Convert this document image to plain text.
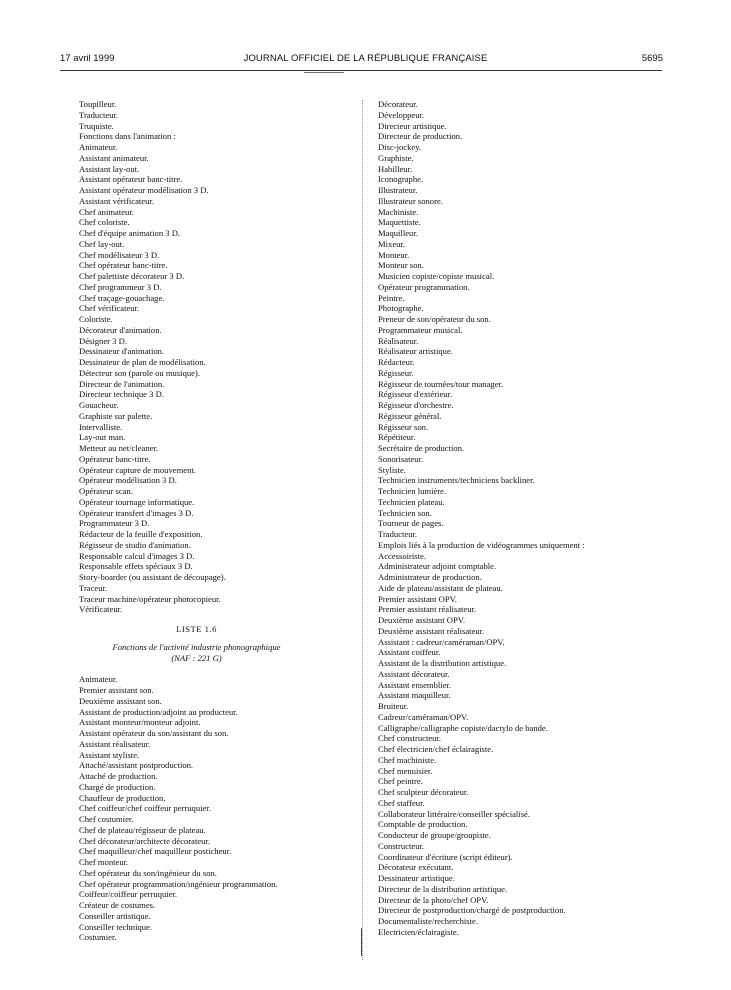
17 avril 1999	JOURNAL OFFICIEL DE LA RÉPUBLIQUE FRANÇAISE	5695
Toupilleur.
Traducteur.
Truquiste.
Fonctions dans l'animation :
Animateur.
Assistant animateur.
Assistant lay-out.
Assistant opérateur banc-titre.
Assistant opérateur modélisation 3 D.
Assistant vérificateur.
Chef animateur.
Chef coloriste.
Chef d'équipe animation 3 D.
Chef lay-out.
Chef modélisateur 3 D.
Chef opérateur banc-titre.
Chef palettiste décorateur 3 D.
Chef programmeur 3 D.
Chef traçage-gouachage.
Chef vérificateur.
Coloriste.
Décorateur d'animation.
Désigner 3 D.
Dessinateur d'animation.
Dessinateur de plan de modélisation.
Détecteur son (parole ou musique).
Directeur de l'animation.
Directeur technique 3 D.
Gouacheur.
Graphiste sur palette.
Intervalliste.
Lay-out man.
Metteur au net/cleaner.
Opérateur banc-titre.
Opérateur capture de mouvement.
Opérateur modélisation 3 D.
Opérateur scan.
Opérateur tournage informatique.
Opérateur transfert d'images 3 D.
Programmateur 3 D.
Rédacteur de la feuille d'exposition.
Régisseur de studio d'animation.
Responsable calcul d'images 3 D.
Responsable effets spéciaux 3 D.
Story-boarder (ou assistant de découpage).
Traceur.
Traceur machine/opérateur photocopieur.
Vérificateur.
LISTE 1.6
Fonctions de l'activité industrie phonographique
(NAF : 221 G)
Animateur.
Premier assistant son.
Deuxième assistant son.
Assistant de production/adjoint au producteur.
Assistant monteur/monteur adjoint.
Assistant opérateur du son/assistant du son.
Assistant réalisateur.
Assistant styliste.
Attaché/assistant postproduction.
Attaché de production.
Chargé de production.
Chauffeur de production.
Chef coiffeur/chef coiffeur perruquier.
Chef costumier.
Chef de plateau/régisseur de plateau.
Chef décorateur/architecte décorateur.
Chef maquilleur/chef maquilleur posticheur.
Chef monteur.
Chef opérateur du son/ingénieur du son.
Chef opérateur programmation/ingénieur programmation.
Coiffeur/coiffeur perruquier.
Créateur de costumes.
Conseiller artistique.
Conseiller technique.
Costumier.
Décorateur.
Développeur.
Directeur artistique.
Directeur de production.
Disc-jockey.
Graphiste.
Habilleur.
Iconographe.
Illustrateur.
Illustrateur sonore.
Machiniste.
Maquettiste.
Maquilleur.
Mixeur.
Monteur.
Monteur son.
Musicien copiste/copiste musical.
Opérateur programmation.
Peintre.
Photographe.
Preneur de son/opérateur du son.
Programmateur musical.
Réalisateur.
Réalisateur artistique.
Rédacteur.
Régisseur.
Régisseur de tournées/tour manager.
Régisseur d'extérieur.
Régisseur d'orchestre.
Régisseur général.
Régisseur son.
Répétiteur.
Secrétaire de production.
Sonorisateur.
Styliste.
Technicien instruments/techniciens backliner.
Technicien lumière.
Technicien plateau.
Technicien son.
Tourneur de pages.
Traducteur.
Emplois liés à la production de vidéogrammes uniquement :
Accessoiriste.
Administrateur adjoint comptable.
Administrateur de production.
Aide de plateau/assistant de plateau.
Premier assistant OPV.
Premier assistant réalisateur.
Deuxième assistant OPV.
Deuxième assistant réalisateur.
Assistant : cadreur/caméraman/OPV.
Assistant coiffeur.
Assistant de la distribution artistique.
Assistant décorateur.
Assistant ensemblier.
Assistant maquilleur.
Bruiteur.
Cadreur/caméraman/OPV.
Calligraphe/calligraphe copiste/dactylo de bande.
Chef constructeur.
Chef électricien/chef éclairagiste.
Chef machiniste.
Chef menuisier.
Chef peintre.
Chef sculpteur décorateur.
Chef staffeur.
Collaborateur littéraire/conseiller spécialisé.
Comptable de production.
Conducteur de groupe/groupiste.
Constructeur.
Coordinateur d'écriture (script éditeur).
Décorateur exécutant.
Dessinateur artistique.
Directeur de la distribution artistique.
Directeur de la photo/chef OPV.
Directeur de postproduction/chargé de postproduction.
Documentaliste/recherchiste.
Electricien/éclairagiste.
